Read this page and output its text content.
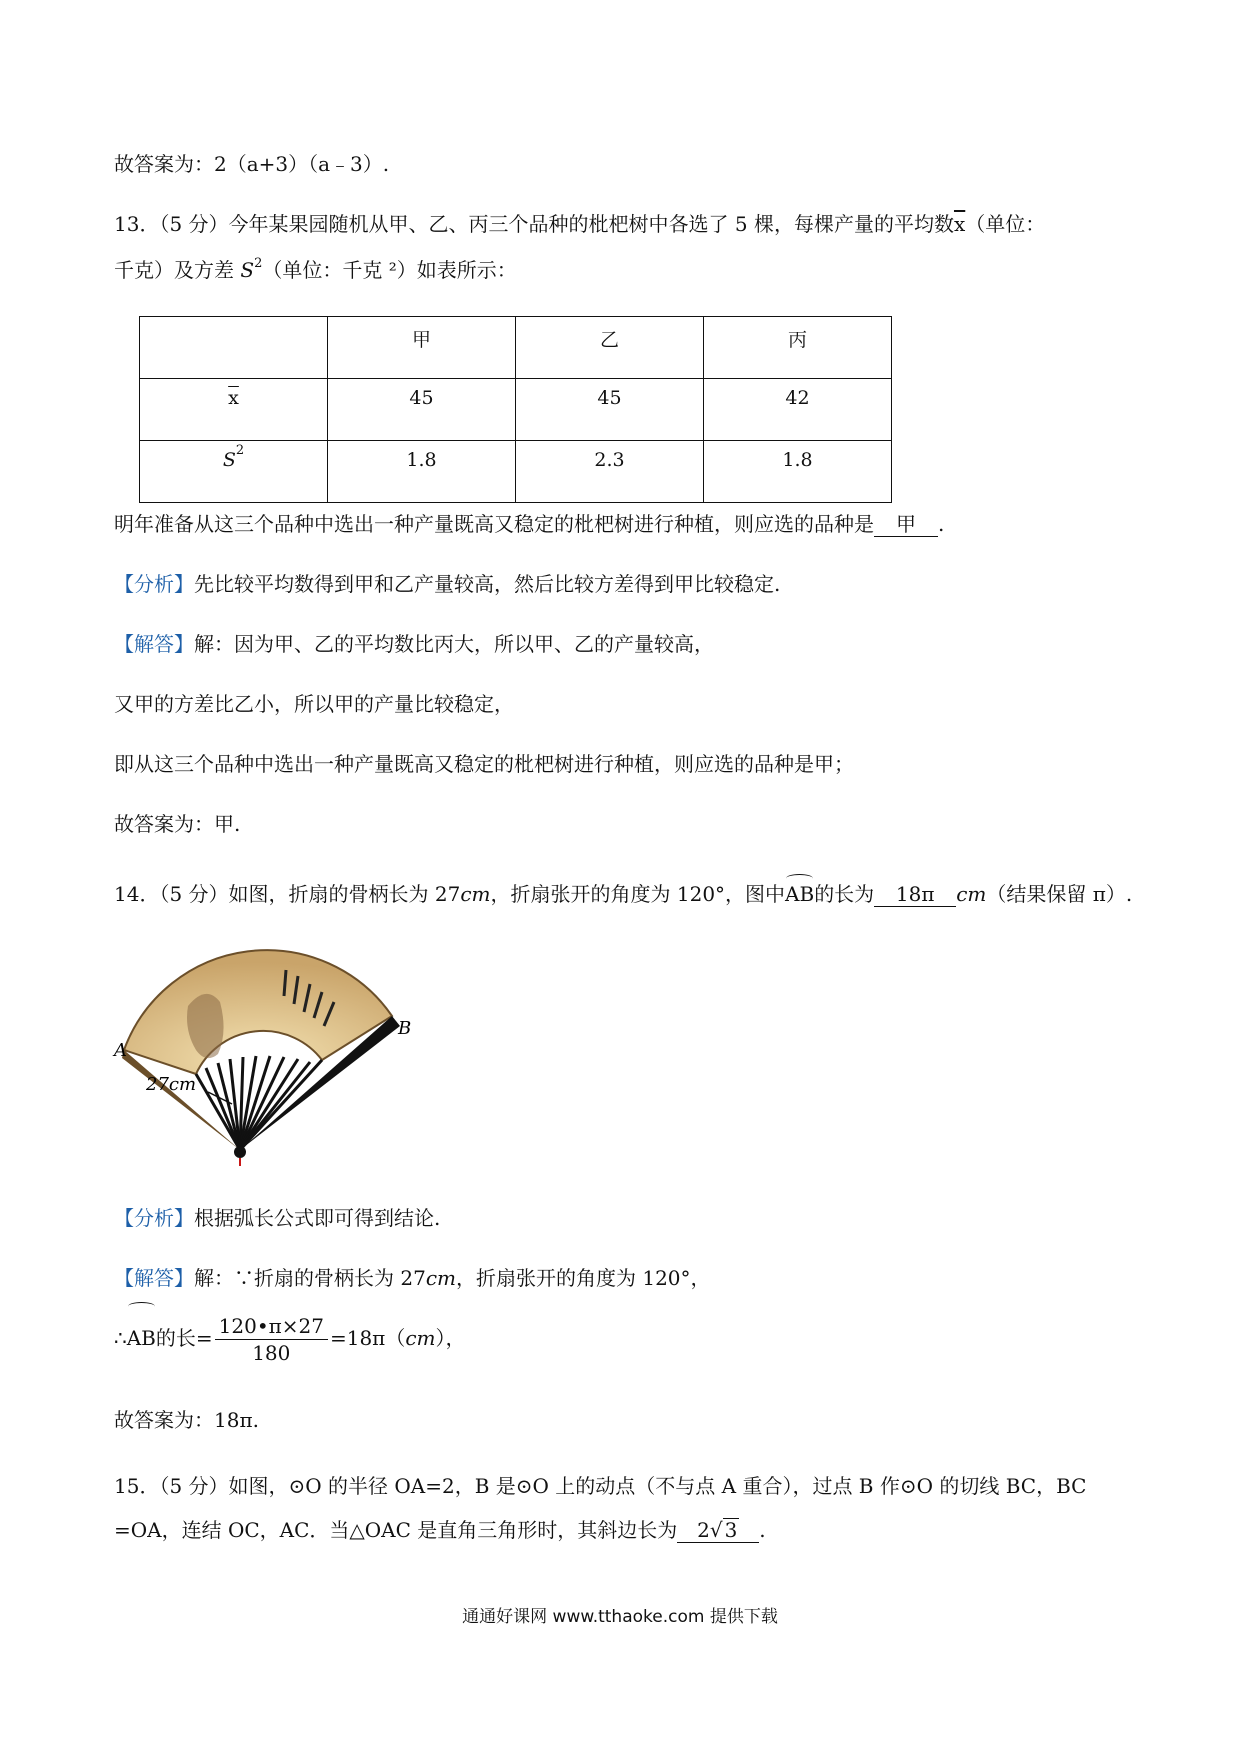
故答案为：2（a+3）（a﹣3）.
13．（5 分）今年某果园随机从甲、乙、丙三个品种的枇杷树中各选了 5 棵，每棵产量的平均数$\overline{x}$（单位：
千克）及方差 $S^2$（单位：千克 ²）如表所示：
	甲	乙	丙
$\overline{x}$	45	45	42
$S^2$	1.8	2.3	1.8
明年准备从这三个品种中选出一种产量既高又稳定的枇杷树进行种植，则应选的品种是 甲 .
【分析】先比较平均数得到甲和乙产量较高，然后比较方差得到甲比较稳定.
【解答】解：因为甲、乙的平均数比丙大，所以甲、乙的产量较高，
又甲的方差比乙小，所以甲的产量比较稳定，
即从这三个品种中选出一种产量既高又稳定的枇杷树进行种植，则应选的品种是甲；
故答案为：甲.
14．（5 分）如图，折扇的骨柄长为 27cm，折扇张开的角度为 120°，图中AB的长为 18π cm（结果保留 π）.
A
B
27cm
【分析】根据弧长公式即可得到结论.
【解答】解：∵折扇的骨柄长为 27cm，折扇张开的角度为 120°，
∴AB的长= $\frac{120•\pi\times 27}{180} =18\pi(cm)$，
故答案为：18π.
15．（5 分）如图，⊙O 的半径 OA=2，B 是⊙O 上的动点（不与点 A 重合），过点 B 作⊙O 的切线 BC，BC
=OA，连结 OC，AC．当△OAC 是直角三角形时，其斜边长为 2√ 3 .
通通好课网 www.tthaoke.com 提供下载
